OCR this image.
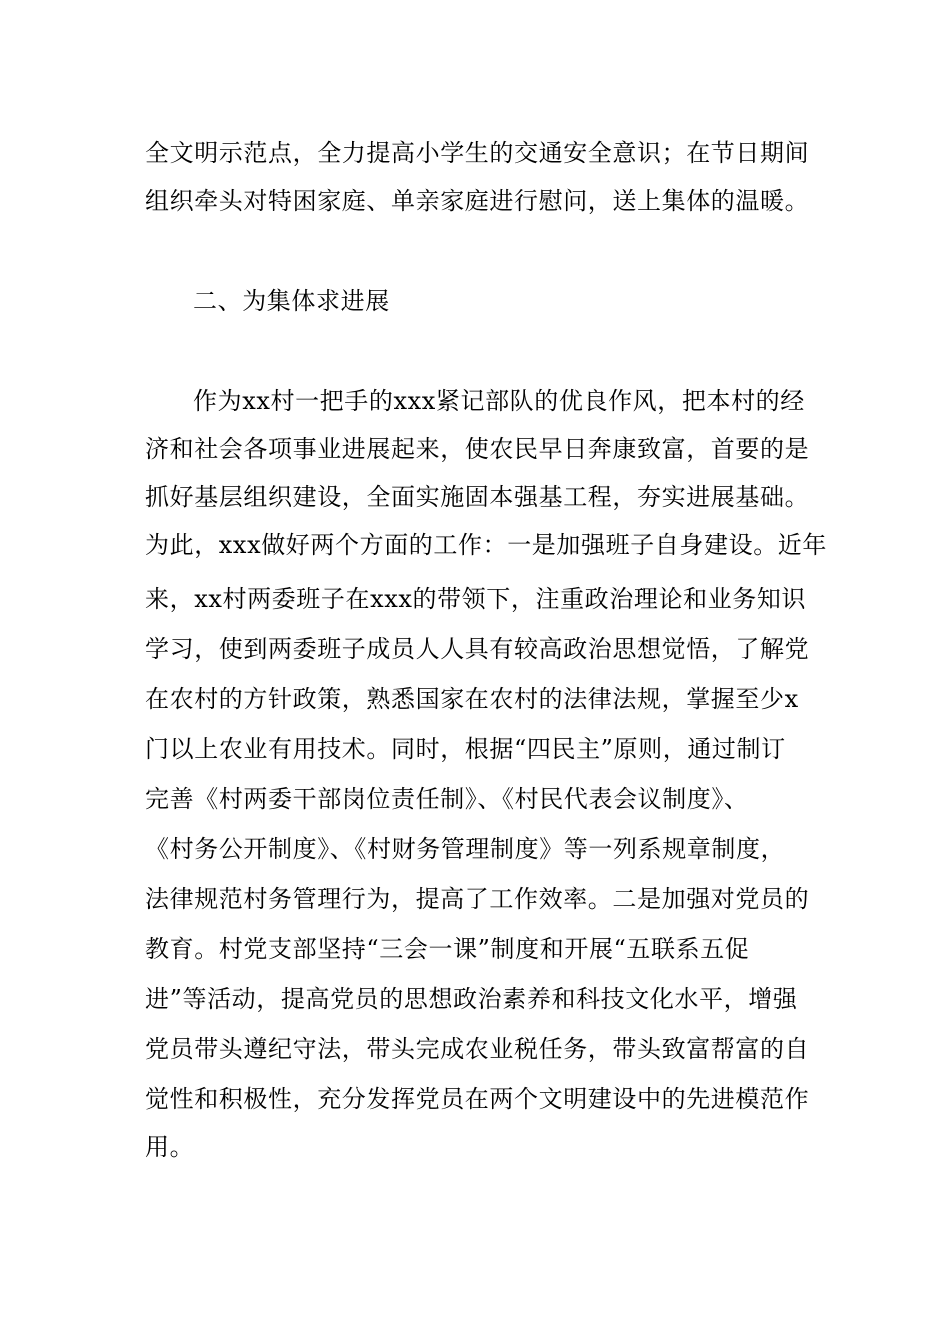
全文明示范点，全力提高小学生的交通安全意识；在节日期间
组织牵头对特困家庭、单亲家庭进行慰问，送上集体的温暖。
二、为集体求进展
作为xx村一把手的xxx紧记部队的优良作风，把本村的经
济和社会各项事业进展起来，使农民早日奔康致富，首要的是
抓好基层组织建设，全面实施固本强基工程，夯实进展基础。
为此，xxx做好两个方面的工作：一是加强班子自身建设。近年
来，xx村两委班子在xxx的带领下，注重政治理论和业务知识
学习，使到两委班子成员人人具有较高政治思想觉悟，了解党
在农村的方针政策，熟悉国家在农村的法律法规，掌握至少x
门以上农业有用技术。同时，根据“四民主”原则，通过制订
完善《村两委干部岗位责任制》、《村民代表会议制度》、
《村务公开制度》、《村财务管理制度》等一列系规章制度，
法律规范村务管理行为，提高了工作效率。二是加强对党员的
教育。村党支部坚持“三会一课”制度和开展“五联系五促
进”等活动，提高党员的思想政治素养和科技文化水平，增强
党员带头遵纪守法，带头完成农业税任务，带头致富帮富的自
觉性和积极性，充分发挥党员在两个文明建设中的先进模范作
用。
